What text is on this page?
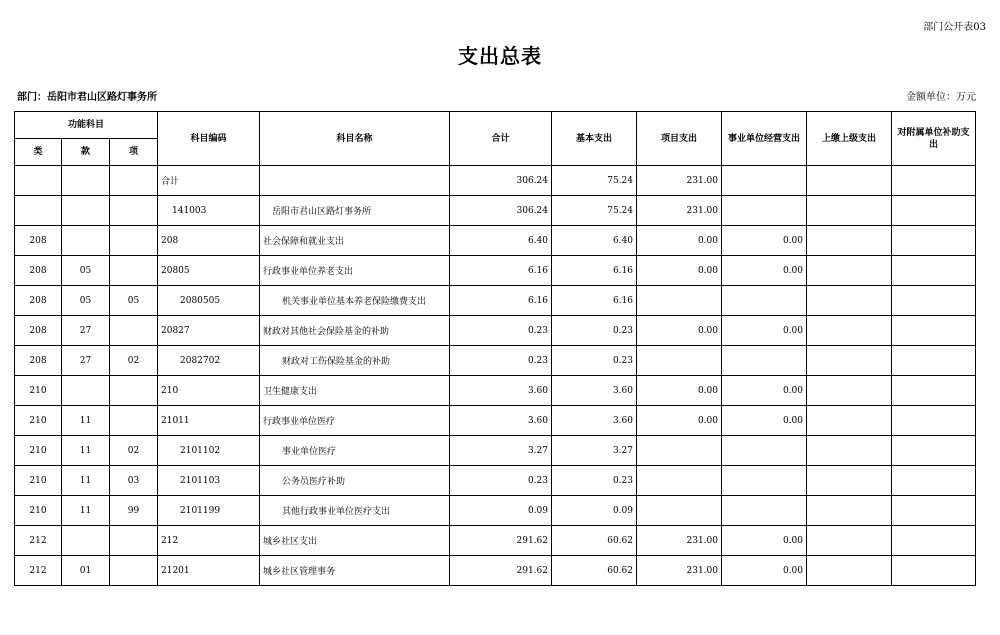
部门公开表03
支出总表
部门：岳阳市君山区路灯事务所	金额单位：万元
功能科目			科目编码	科目名称	合计	基本支出	项目支出	事业单位经营支出	上缴上级支出	对附属单位补助支出
类	款	项								
			合计		306.24	75.24	231.00			
			141003	岳阳市君山区路灯事务所	306.24	75.24	231.00			
208			208	社会保障和就业支出	6.40	6.40	0.00	0.00		
208	05		20805	行政事业单位养老支出	6.16	6.16	0.00	0.00		
208	05	05	2080505	机关事业单位基本养老保险缴费支出	6.16	6.16				
208	27		20827	财政对其他社会保险基金的补助	0.23	0.23	0.00	0.00		
208	27	02	2082702	财政对工伤保险基金的补助	0.23	0.23				
210			210	卫生健康支出	3.60	3.60	0.00	0.00		
210	11		21011	行政事业单位医疗	3.60	3.60	0.00	0.00		
210	11	02	2101102	事业单位医疗	3.27	3.27				
210	11	03	2101103	公务员医疗补助	0.23	0.23				
210	11	99	2101199	其他行政事业单位医疗支出	0.09	0.09				
212			212	城乡社区支出	291.62	60.62	231.00	0.00		
212	01		21201	城乡社区管理事务	291.62	60.62	231.00	0.00		
